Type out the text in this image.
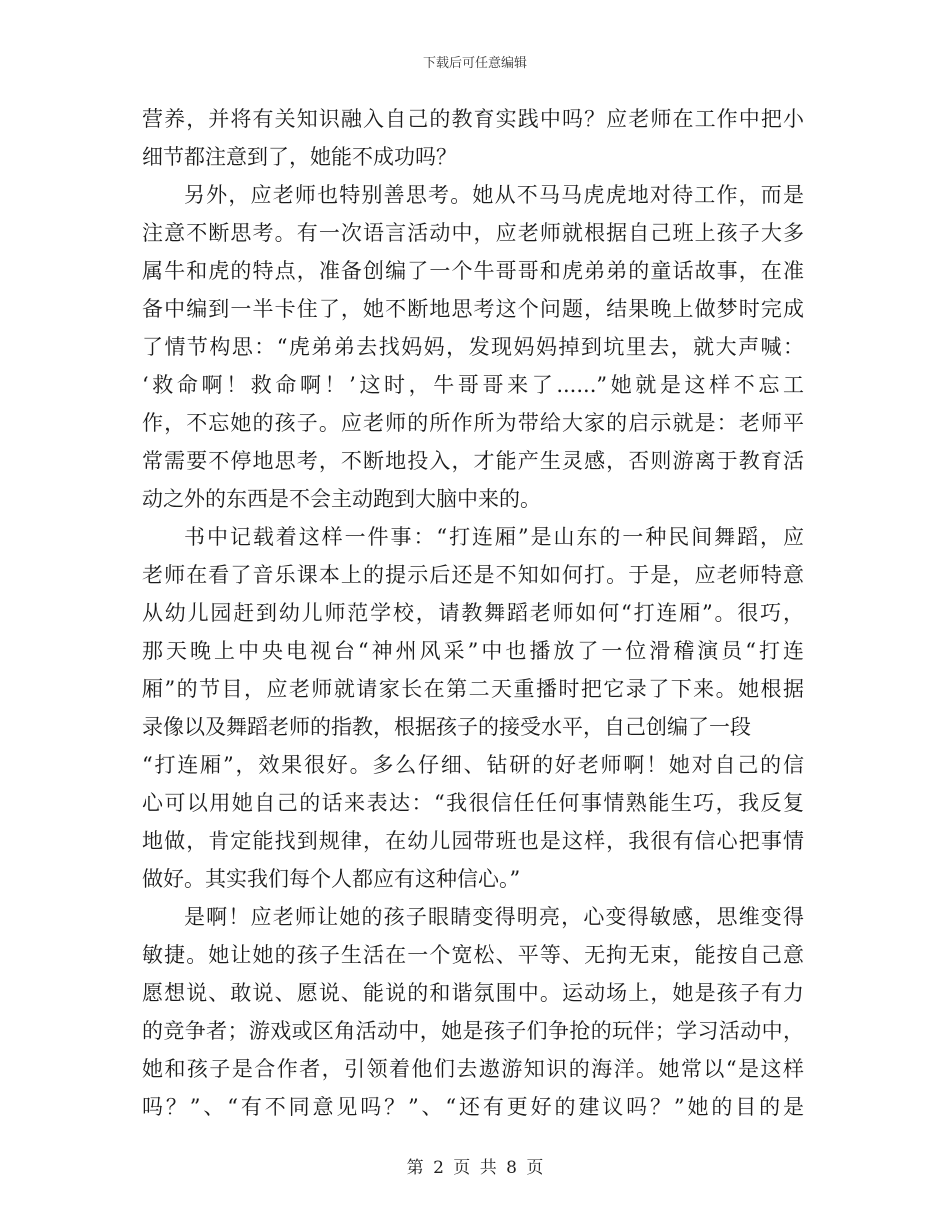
下载后可任意编辑

营养，并将有关知识融入自己的教育实践中吗？应老师在工作中把小

细节都注意到了，她能不成功吗？

另外，应老师也特别善思考。她从不马马虎虎地对待工作，而是

注意不断思考。有一次语言活动中，应老师就根据自己班上孩子大多

属牛和虎的特点，准备创编了一个牛哥哥和虎弟弟的童话故事，在准

备中编到一半卡住了，她不断地思考这个问题，结果晚上做梦时完成

了情节构思：“虎弟弟去找妈妈，发现妈妈掉到坑里去，就大声喊：

‘救命啊！救命啊！’这时，牛哥哥来了......”她就是这样不忘工

作，不忘她的孩子。应老师的所作所为带给大家的启示就是：老师平

常需要不停地思考，不断地投入，才能产生灵感，否则游离于教育活

动之外的东西是不会主动跑到大脑中来的。

书中记载着这样一件事：“打连厢”是山东的一种民间舞蹈，应

老师在看了音乐课本上的提示后还是不知如何打。于是，应老师特意

从幼儿园赶到幼儿师范学校，请教舞蹈老师如何“打连厢”。很巧，

那天晚上中央电视台“神州风采”中也播放了一位滑稽演员“打连

厢”的节目，应老师就请家长在第二天重播时把它录了下来。她根据

录像以及舞蹈老师的指教，根据孩子的接受水平，自己创编了一段

“打连厢”，效果很好。多么仔细、钻研的好老师啊！她对自己的信

心可以用她自己的话来表达：“我很信任任何事情熟能生巧，我反复

地做，肯定能找到规律，在幼儿园带班也是这样，我很有信心把事情

做好。其实我们每个人都应有这种信心。”

是啊！应老师让她的孩子眼睛变得明亮，心变得敏感，思维变得

敏捷。她让她的孩子生活在一个宽松、平等、无拘无束，能按自己意

愿想说、敢说、愿说、能说的和谐氛围中。运动场上，她是孩子有力

的竞争者；游戏或区角活动中，她是孩子们争抢的玩伴；学习活动中，

她和孩子是合作者，引领着他们去遨游知识的海洋。她常以“是这样

吗？”、“有不同意见吗？”、“还有更好的建议吗？”她的目的是

第 2 页 共 8 页
